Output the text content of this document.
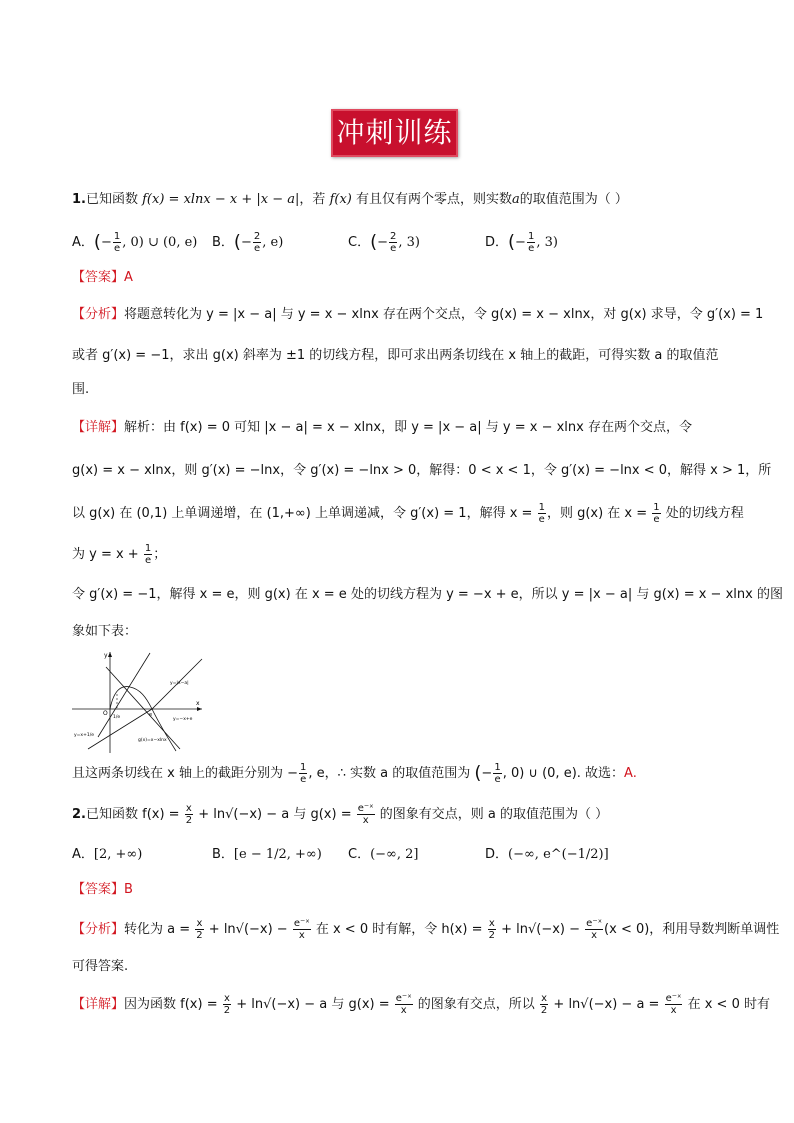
冲刺训练
1.已知函数 f(x) = xlnx − x + |x − a|，若 f(x) 有且仅有两个零点，则实数a的取值范围为（ ）
A．(− $\frac{1}{e}$ , 0) ∪ (0, e) B．(− $\frac{2}{e}$ , e)	C．(− $\frac{2}{e}$ , 3)	D．(− $\frac{1}{e}$ , 3)
【答案】A
【分析】将题意转化为 y = |x − a| 与 y = x − xlnx 存在两个交点，令 g(x) = x − xlnx，对 g(x) 求导，令 g′(x) = 1
或者 g′(x) = −1，求出 g(x) 斜率为 ±1 的切线方程，即可求出两条切线在 x 轴上的截距，可得实数 a 的取值范
围.
【详解】解析：由 f(x) = 0 可知 |x − a| = x − xlnx，即 y = |x − a| 与 y = x − xlnx 存在两个交点，令
g(x) = x − xlnx，则 g′(x) = −lnx，令 g′(x) = −lnx > 0，解得：0 < x < 1，令 g′(x) = −lnx < 0，解得 x > 1，所
以 g(x) 在 (0,1) 上单调递增，在 (1,+∞) 上单调递减，令 g′(x) = 1，解得 $x = \frac{1}{e}$ ，则 g(x) 在 $x = \frac{1}{e}$ 处的切线方程
为 $y = x + \frac{1}{e}$ ；
令 g′(x) = −1，解得 x = e，则 g(x) 在 x = e 处的切线方程为 y = −x + e，所以 y = |x − a| 与 g(x) = x − xlnx 的图
象如下表：
y
x
O
1/e	e
y=|x−a|
y=−x+e
y=x+1/e
g(x)=x−xlnx
且这两条切线在 x 轴上的截距分别为 − $\frac{1}{e}$ , e，∴ 实数 a 的取值范围为 (− $\frac{1}{e}$ , 0) ∪ (0, e). 故选：A.
2.已知函数 $f(x) = \frac{x}{2} + \ln√(-x) - a$ 与 $g(x) = \frac{\text{e⁻ˣ}}{x}$ 的图象有交点，则 a 的取值范围为（ ）
A．[2, +∞)	B．[e − 1/2, +∞) C．(−∞, 2]	D．(−∞, e^(−1/2)]
【答案】B
【分析】转化为 $a = \frac{x}{2} + \ln√(-x) - \frac{\text{e⁻ˣ}}{x}$ 在 x < 0 时有解，令 $h(x) = \frac{x}{2} + \ln√(-x) - \frac{\text{e⁻ˣ}}{x} (x < 0)$，利用导数判断单调性
可得答案.
【详解】因为函数 $f(x) = \frac{x}{2} + \ln√(-x) - a$ 与 $g(x) = \frac{\text{e⁻ˣ}}{x}$ 的图象有交点，所以 $\frac{x}{2} + \ln√(-x) - a = \frac{\text{e⁻ˣ}}{x}$ 在 x < 0 时有
